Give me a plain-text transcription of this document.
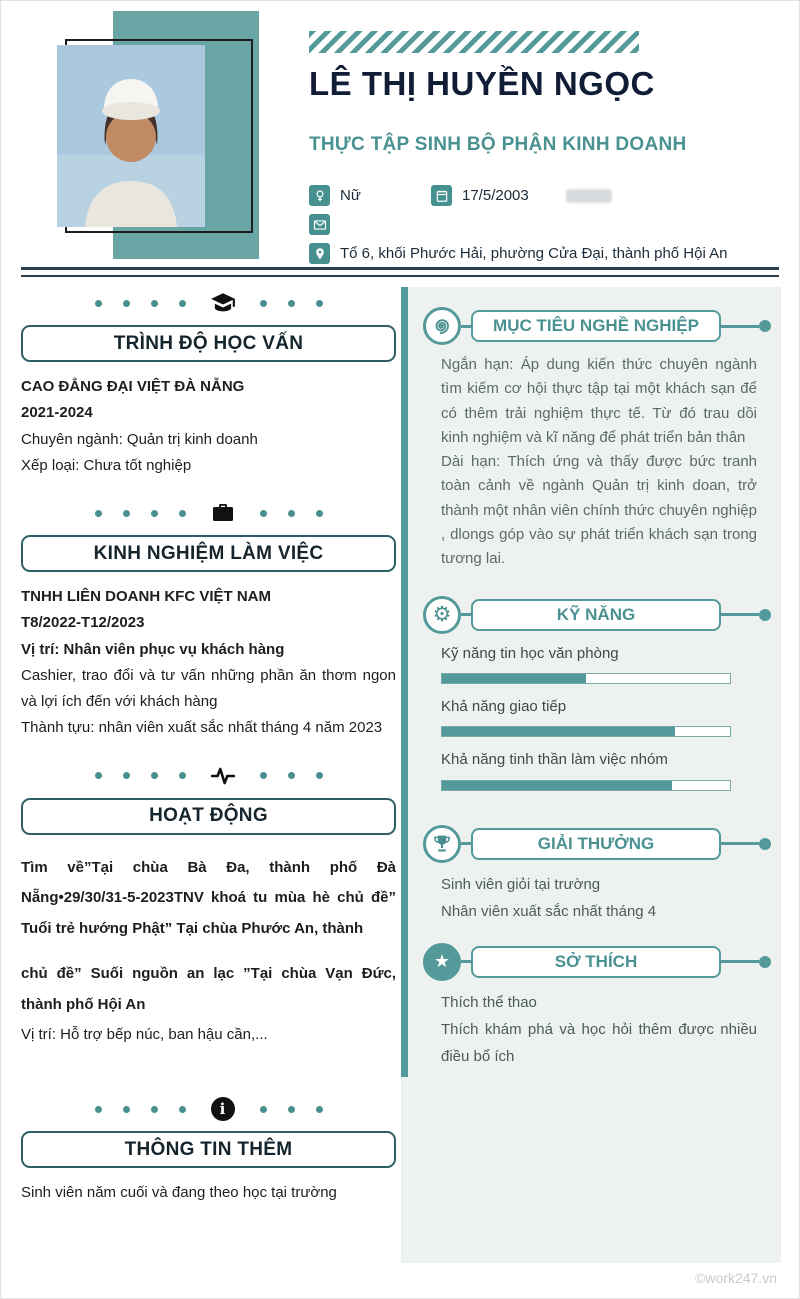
LÊ THỊ HUYỀN NGỌC
THỰC TẬP SINH BỘ PHẬN KINH DOANH
Nữ	17/5/2003
Tổ 6, khối Phước Hải, phường Cửa Đại, thành phố Hội An
TRÌNH ĐỘ HỌC VẤN

CAO ĐẲNG ĐẠI VIỆT ĐÀ NẴNG

2021-2024

Chuyên ngành: Quản trị kinh doanh

Xếp loại: Chưa tốt nghiệp

KINH NGHIỆM LÀM VIỆC

TNHH LIÊN DOANH KFC VIỆT NAM

T8/2022-T12/2023

Vị trí: Nhân viên phục vụ khách hàng

Cashier, trao đổi và tư vấn những phần ăn thơm ngon và lợi ích đến với khách hàng

Thành tựu: nhân viên xuất sắc nhất tháng 4 năm 2023

HOẠT ĐỘNG

Tìm về”Tại chùa Bà Đa, thành phố Đà Nẵng•29/30/31-5-2023TNV khoá tu mùa hè chủ đề” Tuổi trẻ hướng Phật” Tại chùa Phước An, thành

chủ đề” Suối nguồn an lạc ”Tại chùa Vạn Đức, thành phố Hội An

Vị trí: Hỗ trợ bếp núc, ban hậu cần,...

i
THÔNG TIN THÊM

Sinh viên năm cuối và đang theo học tại trường

MỤC TIÊU NGHỀ NGHIỆP

Ngắn hạn: Áp dung kiến thức chuyên ngành tìm kiếm cơ hội thực tập tại một khách sạn để có thêm trải nghiệm thực tế. Từ đó trau dồi kinh nghiệm và kĩ năng để phát triển bản thân

Dài hạn: Thích ứng và thấy được bức tranh toàn cảnh về ngành Quản trị kinh doan, trở thành một nhân viên chính thức chuyên nghiệp , dlongs góp vào sự phát triển khách sạn trong tương lai.

⚙	KỸ NĂNG
Kỹ năng tin học văn phòng
Khả năng giao tiếp
Khả năng tinh thần làm việc nhóm
GIẢI THƯỞNG

Sinh viên giỏi tại trường

Nhân viên xuất sắc nhất tháng 4

★	SỞ THÍCH

Thích thể thao

Thích khám phá và học hỏi thêm được nhiều điều bổ ích

©work247.vn
